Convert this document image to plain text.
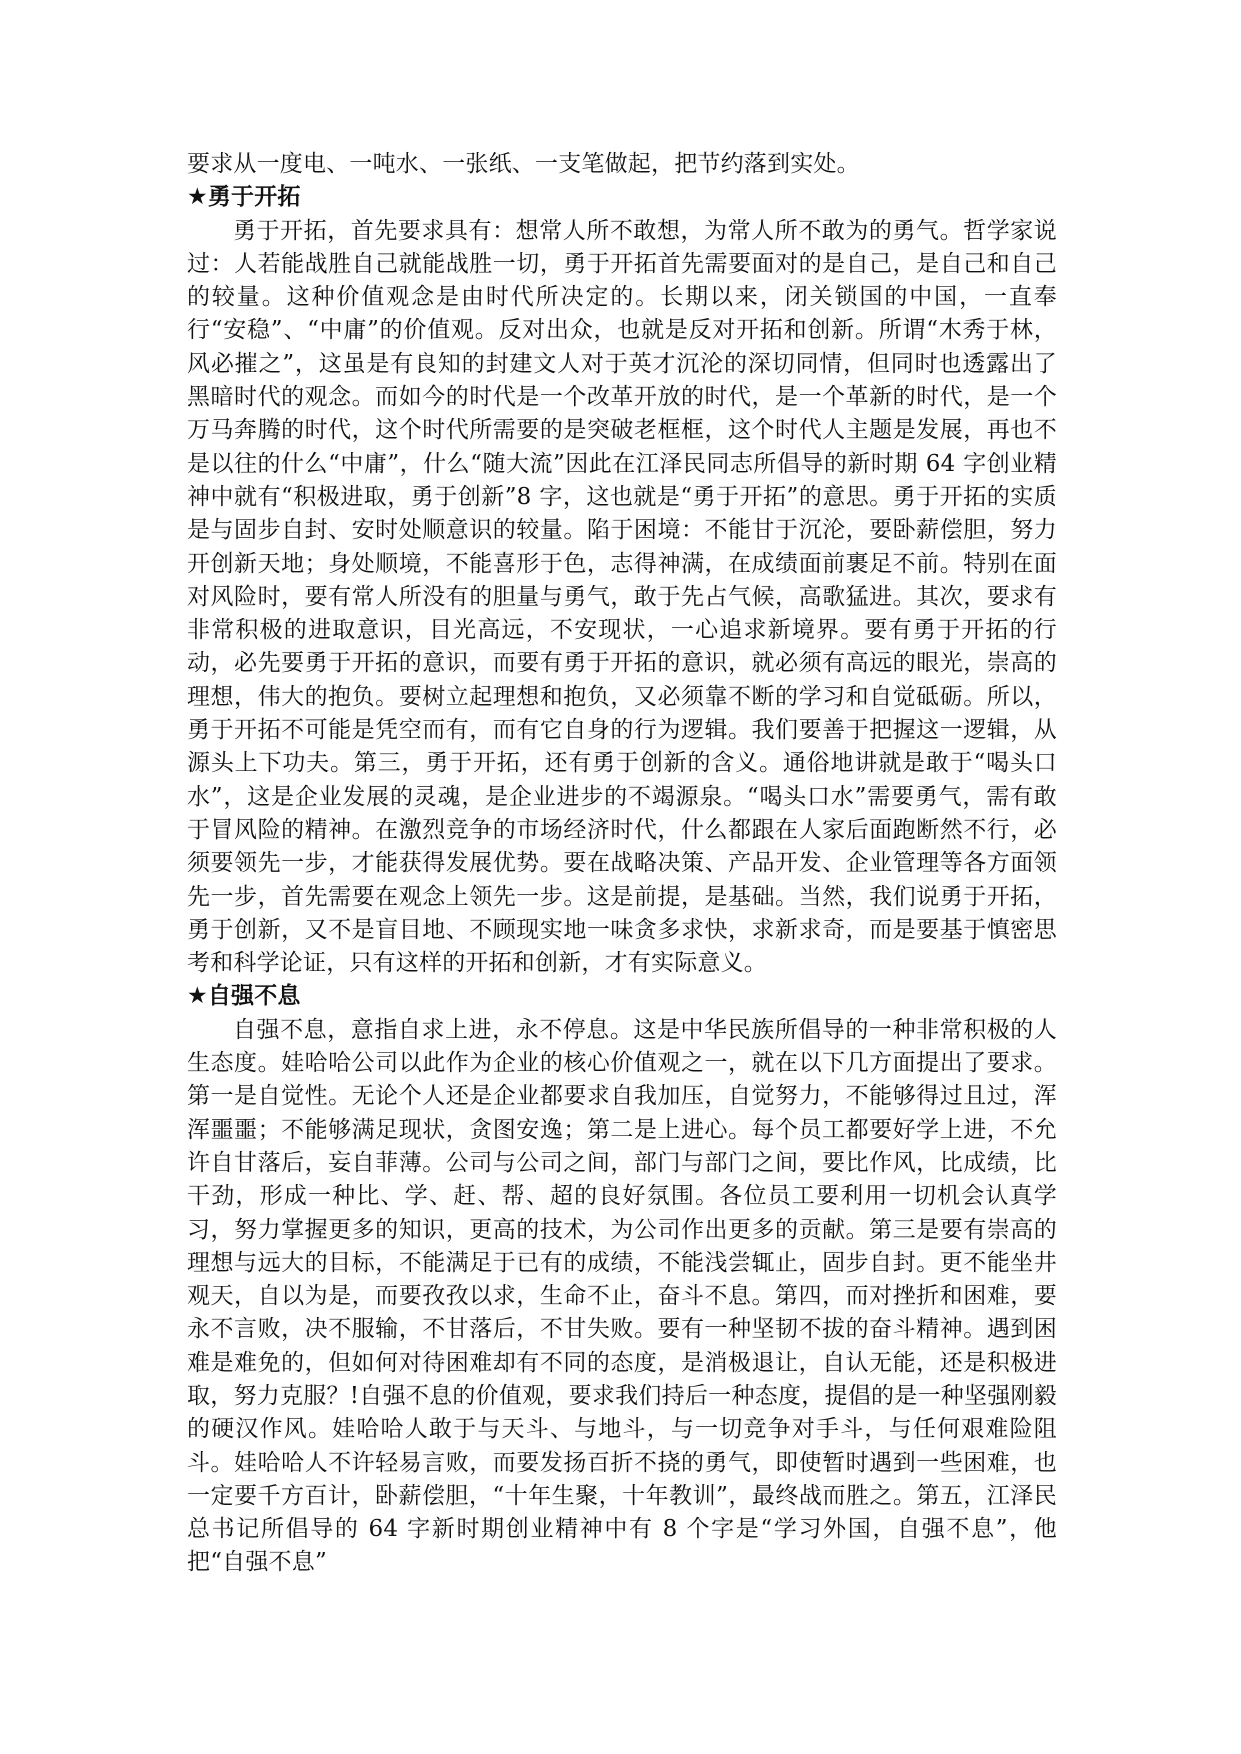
要求从一度电、一吨水、一张纸、一支笔做起，把节约落到实处。

★勇于开拓

勇于开拓，首先要求具有：想常人所不敢想，为常人所不敢为的勇气。哲学家说过：人若能战胜自己就能战胜一切，勇于开拓首先需要面对的是自己，是自己和自己的较量。这种价值观念是由时代所决定的。长期以来，闭关锁国的中国，一直奉行“安稳”、“中庸”的价值观。反对出众，也就是反对开拓和创新。所谓“木秀于林，风必摧之”，这虽是有良知的封建文人对于英才沉沦的深切同情，但同时也透露出了黑暗时代的观念。而如今的时代是一个改革开放的时代，是一个革新的时代，是一个万马奔腾的时代，这个时代所需要的是突破老框框，这个时代人主题是发展，再也不是以往的什么“中庸”，什么“随大流”因此在江泽民同志所倡导的新时期 64 字创业精神中就有“积极进取，勇于创新”8 字，这也就是“勇于开拓”的意思。勇于开拓的实质是与固步自封、安时处顺意识的较量。陷于困境：不能甘于沉沦，要卧薪偿胆，努力开创新天地；身处顺境，不能喜形于色，志得神满，在成绩面前裹足不前。特别在面对风险时，要有常人所没有的胆量与勇气，敢于先占气候，高歌猛进。其次，要求有非常积极的进取意识，目光高远，不安现状，一心追求新境界。要有勇于开拓的行动，必先要勇于开拓的意识，而要有勇于开拓的意识，就必须有高远的眼光，崇高的理想，伟大的抱负。要树立起理想和抱负，又必须靠不断的学习和自觉砥砺。所以，勇于开拓不可能是凭空而有，而有它自身的行为逻辑。我们要善于把握这一逻辑，从源头上下功夫。第三，勇于开拓，还有勇于创新的含义。通俗地讲就是敢于“喝头口水”，这是企业发展的灵魂，是企业进步的不竭源泉。“喝头口水”需要勇气，需有敢于冒风险的精神。在激烈竞争的市场经济时代，什么都跟在人家后面跑断然不行，必须要领先一步，才能获得发展优势。要在战略决策、产品开发、企业管理等各方面领先一步，首先需要在观念上领先一步。这是前提，是基础。当然，我们说勇于开拓，勇于创新，又不是盲目地、不顾现实地一味贪多求快，求新求奇，而是要基于慎密思考和科学论证，只有这样的开拓和创新，才有实际意义。

★自强不息

自强不息，意指自求上进，永不停息。这是中华民族所倡导的一种非常积极的人生态度。娃哈哈公司以此作为企业的核心价值观之一，就在以下几方面提出了要求。第一是自觉性。无论个人还是企业都要求自我加压，自觉努力，不能够得过且过，浑浑噩噩；不能够满足现状，贪图安逸；第二是上进心。每个员工都要好学上进，不允许自甘落后，妄自菲薄。公司与公司之间，部门与部门之间，要比作风，比成绩，比干劲，形成一种比、学、赶、帮、超的良好氛围。各位员工要利用一切机会认真学习，努力掌握更多的知识，更高的技术，为公司作出更多的贡献。第三是要有崇高的理想与远大的目标，不能满足于已有的成绩，不能浅尝辄止，固步自封。更不能坐井观天，自以为是，而要孜孜以求，生命不止，奋斗不息。第四，而对挫折和困难，要永不言败，决不服输，不甘落后，不甘失败。要有一种坚韧不拔的奋斗精神。遇到困难是难免的，但如何对待困难却有不同的态度，是消极退让，自认无能，还是积极进取，努力克服？!自强不息的价值观，要求我们持后一种态度，提倡的是一种坚强刚毅的硬汉作风。娃哈哈人敢于与天斗、与地斗，与一切竞争对手斗，与任何艰难险阻斗。娃哈哈人不许轻易言败，而要发扬百折不挠的勇气，即使暂时遇到一些困难，也一定要千方百计，卧薪偿胆，“十年生聚，十年教训”，最终战而胜之。第五，江泽民总书记所倡导的 64 字新时期创业精神中有 8 个字是“学习外国，自强不息”，他把“自强不息”
